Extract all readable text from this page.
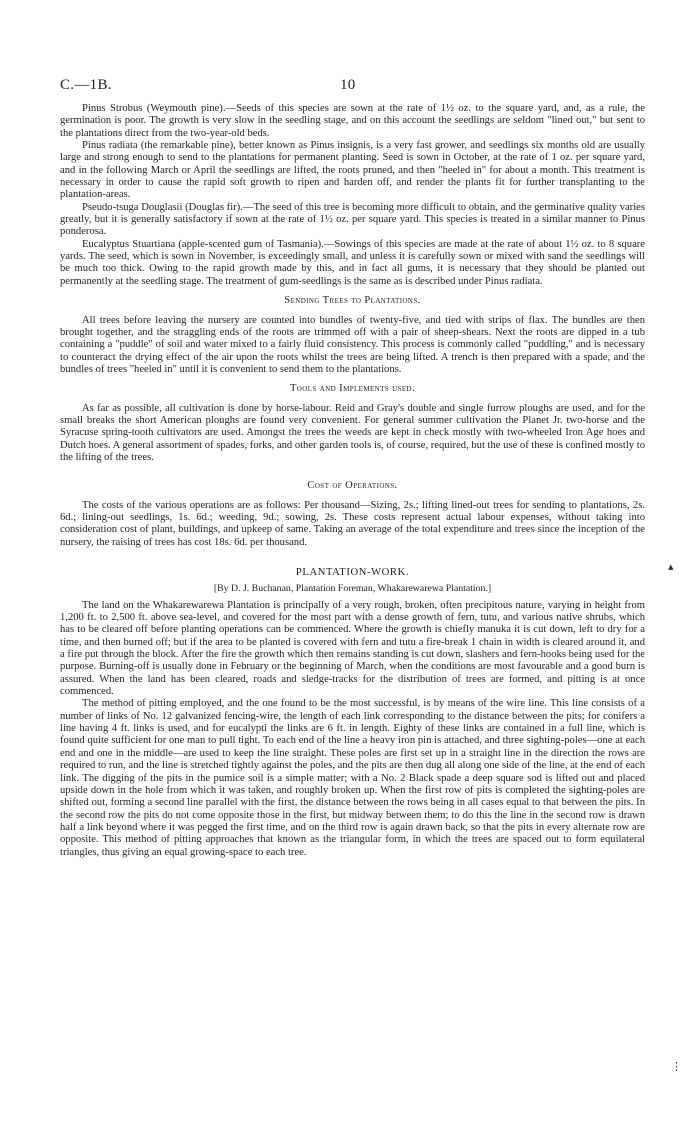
C.—1B.	10

Pinus Strobus (Weymouth pine).—Seeds of this species are sown at the rate of 1½ oz. to the square yard, and, as a rule, the germination is poor. The growth is very slow in the seedling stage, and on this account the seedlings are seldom "lined out," but sent to the plantations direct from the two-year-old beds.

Pinus radiata (the remarkable pine), better known as Pinus insignis, is a very fast grower, and seedlings six months old are usually large and strong enough to send to the plantations for permanent planting. Seed is sown in October, at the rate of 1 oz. per square yard, and in the following March or April the seedlings are lifted, the roots pruned, and then "heeled in" for about a month. This treatment is necessary in order to cause the rapid soft growth to ripen and harden off, and render the plants fit for further transplanting to the plantation-areas.

Pseudo-tsuga Douglasii (Douglas fir).—The seed of this tree is becoming more difficult to obtain, and the germinative quality varies greatly, but it is generally satisfactory if sown at the rate of 1½ oz. per square yard. This species is treated in a similar manner to Pinus ponderosa.

Eucalyptus Stuartiana (apple-scented gum of Tasmania).—Sowings of this species are made at the rate of about 1½ oz. to 8 square yards. The seed, which is sown in November, is exceedingly small, and unless it is carefully sown or mixed with sand the seedlings will be much too thick. Owing to the rapid growth made by this, and in fact all gums, it is necessary that they should be planted out permanently at the seedling stage. The treatment of gum-seedlings is the same as is described under Pinus radiata.

Sending Trees to Plantations.

All trees before leaving the nursery are counted into bundles of twenty-five, and tied with strips of flax. The bundles are then brought together, and the straggling ends of the roots are trimmed off with a pair of sheep-shears. Next the roots are dipped in a tub containing a "puddle" of soil and water mixed to a fairly fluid consistency. This process is commonly called "puddling," and is necessary to counteract the drying effect of the air upon the roots whilst the trees are being lifted. A trench is then prepared with a spade, and the bundles of trees "heeled in" until it is convenient to send them to the plantations.

Tools and Implements used.

As far as possible, all cultivation is done by horse-labour. Reid and Gray's double and single furrow ploughs are used, and for the small breaks the short American ploughs are found very convenient. For general summer cultivation the Planet Jr. two-horse and the Syracuse spring-tooth cultivators are used. Amongst the trees the weeds are kept in check mostly with two-wheeled Iron Age hoes and Dutch hoes. A general assortment of spades, forks, and other garden tools is, of course, required, but the use of these is confined mostly to the lifting of the trees.

Cost of Operations.

The costs of the various operations are as follows: Per thousand—Sizing, 2s.; lifting lined-out trees for sending to plantations, 2s. 6d.; lining-out seedlings, 1s. 6d.; weeding, 9d.; sowing, 2s. These costs represent actual labour expenses, without taking into consideration cost of plant, buildings, and upkeep of same. Taking an average of the total expenditure and trees since the inception of the nursery, the raising of trees has cost 18s. 6d. per thousand.

PLANTATION-WORK.

[By D. J. Buchanan, Plantation Foreman, Whakarewarewa Plantation.]

The land on the Whakarewarewa Plantation is principally of a very rough, broken, often precipitous nature, varying in height from 1,200 ft. to 2,500 ft. above sea-level, and covered for the most part with a dense growth of fern, tutu, and various native shrubs, which has to be cleared off before planting operations can be commenced. Where the growth is chiefly manuka it is cut down, left to dry for a time, and then burned off; but if the area to be planted is covered with fern and tutu a fire-break 1 chain in width is cleared around it, and a fire put through the block. After the fire the growth which then remains standing is cut down, slashers and fern-hooks being used for the purpose. Burning-off is usually done in February or the beginning of March, when the conditions are most favourable and a good burn is assured. When the land has been cleared, roads and sledge-tracks for the distribution of trees are formed, and pitting is at once commenced.

The method of pitting employed, and the one found to be the most successful, is by means of the wire line. This line consists of a number of links of No. 12 galvanized fencing-wire, the length of each link corresponding to the distance between the pits; for conifers a line having 4 ft. links is used, and for eucalypti the links are 6 ft. in length. Eighty of these links are contained in a full line, which is found quite sufficient for one man to pull tight. To each end of the line a heavy iron pin is attached, and three sighting-poles—one at each end and one in the middle—are used to keep the line straight. These poles are first set up in a straight line in the direction the rows are required to run, and the line is stretched tightly against the poles, and the pits are then dug all along one side of the line, at the end of each link. The digging of the pits in the pumice soil is a simple matter; with a No. 2 Black spade a deep square sod is lifted out and placed upside down in the hole from which it was taken, and roughly broken up. When the first row of pits is completed the sighting-poles are shifted out, forming a second line parallel with the first, the distance between the rows being in all cases equal to that between the pits. In the second row the pits do not come opposite those in the first, but midway between them; to do this the line in the second row is drawn half a link beyond where it was pegged the first time, and on the third row is again drawn back, so that the pits in every alternate row are opposite. This method of pitting approaches that known as the triangular form, in which the trees are spaced out to form equilateral triangles, thus giving an equal growing-space to each tree.

▴
⋮
